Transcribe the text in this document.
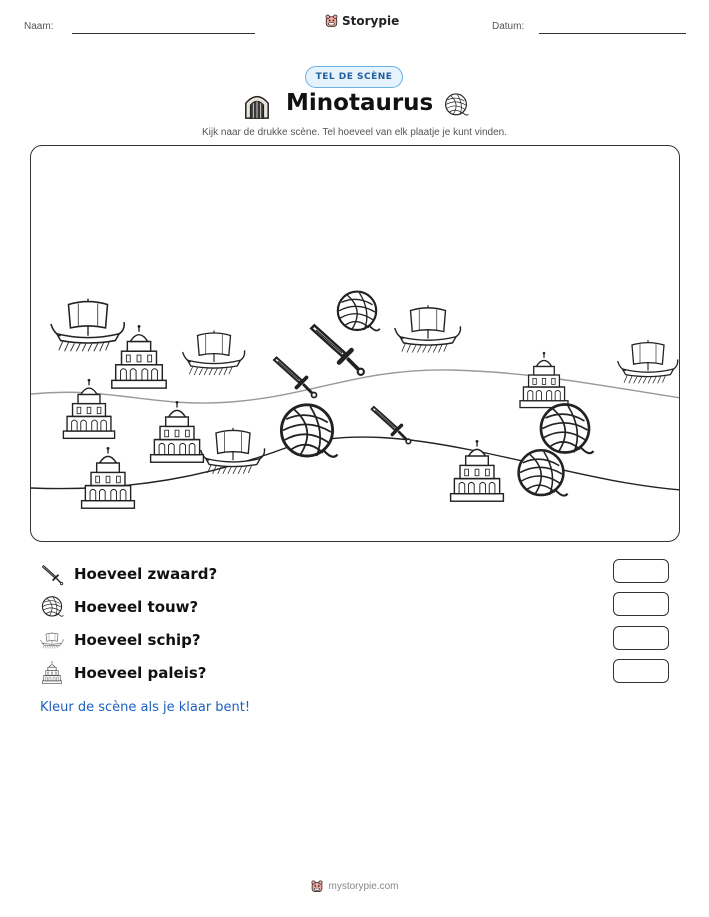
Naam:	Storypie	Datum:
TEL DE SCÈNE
Minotaurus
Kijk naar de drukke scène. Tel hoeveel van elk plaatje je kunt vinden.
Hoeveel zwaard?
Hoeveel touw?
Hoeveel schip?
Hoeveel paleis?
Kleur de scène als je klaar bent!
mystorypie.com
